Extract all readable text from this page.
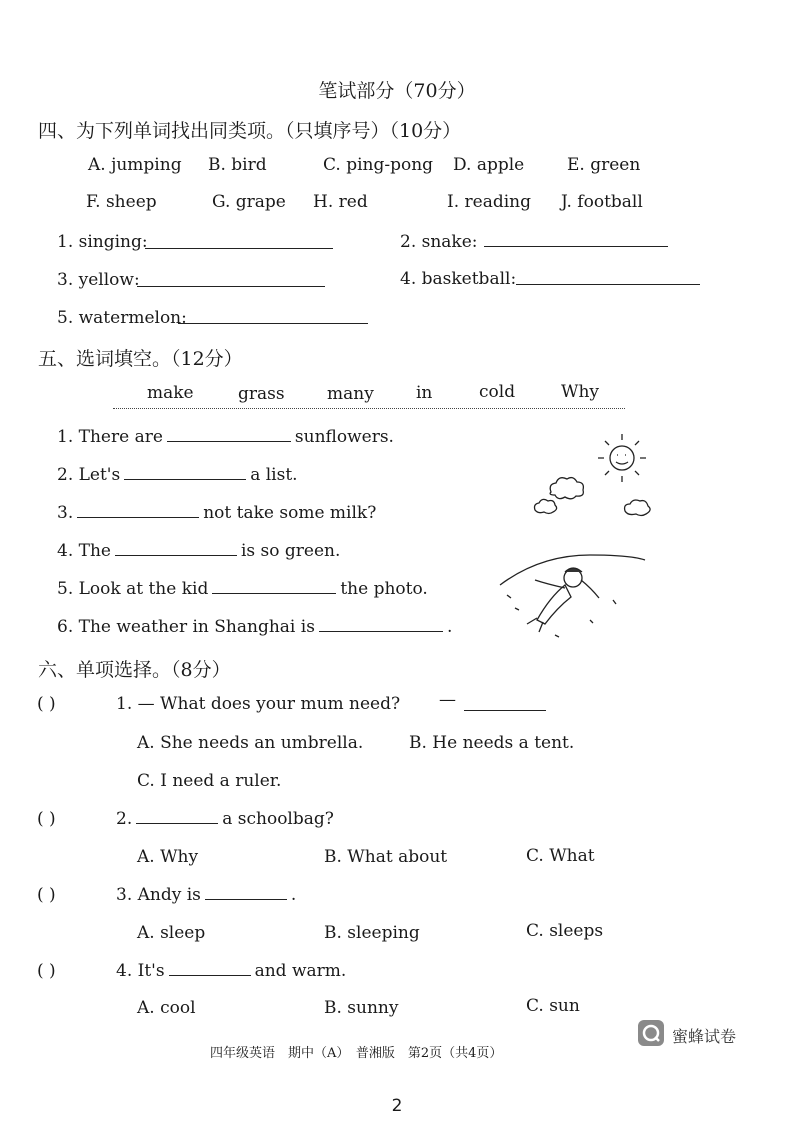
笔试部分（70分）
四、为下列单词找出同类项。（只填序号）（10分）
A. jumping B. bird	C. ping-pong D. apple	E. green
F. sheep	G. grape H. red	I. reading J. football
1. singing:	2. snake:
3. yellow:	4. basketball:
5. watermelon:
五、选词填空。（12分）
make	grass many in	cold	Why
1. There are	sunflowers.
2. Let's	a list.
3.	not take some milk?
4. The	is so green.
5. Look at the kid	the photo.
6. The weather in Shanghai is	.
六、单项选择。（8分）
( )	1. — What does your mum need? —
A. She needs an umbrella.	B. He needs a tent.
C. I need a ruler.
( )	2.	a schoolbag?
A. Why	B. What about	C. What
( )	3. Andy is	.
A. sleep	B. sleeping	C. sleeps
( )	4. It's	and warm.
A. cool	B. sunny	C. sun
四年级英语　期中（A）　普湘版　第2页（共4页）
蜜蜂试卷
2
